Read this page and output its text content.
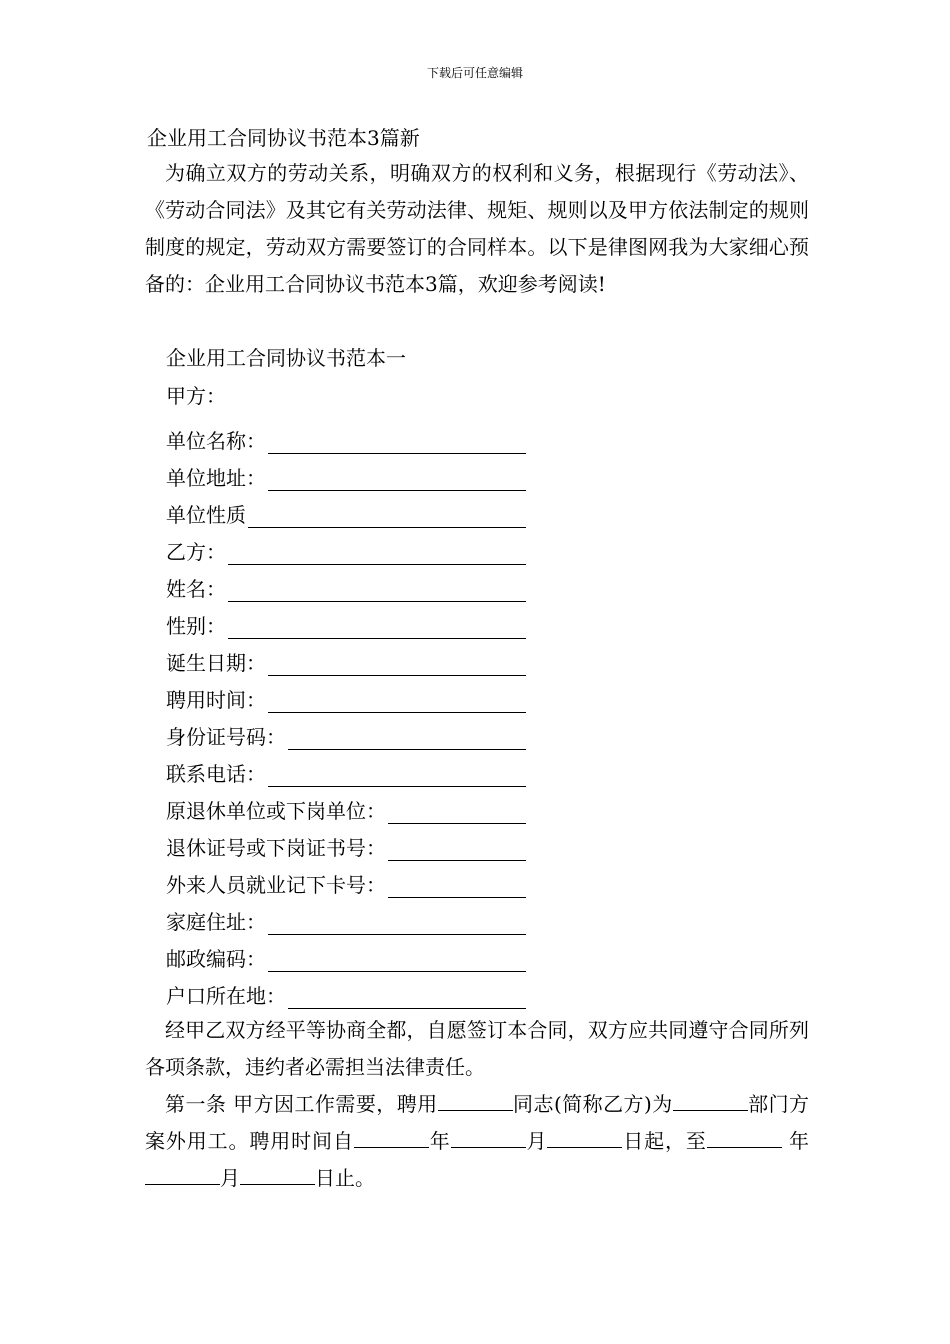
下载后可任意编辑
企业用工合同协议书范本3篇新

为确立双方的劳动关系，明确双方的权利和义务，根据现行《劳动法》、《劳动合同法》及其它有关劳动法律、规矩、规则以及甲方依法制定的规则制度的规定，劳动双方需要签订的合同样本。以下是律图网我为大家细心预备的：企业用工合同协议书范本3篇，欢迎参考阅读!

企业用工合同协议书范本一
甲方：
单位名称：
单位地址：
单位性质
乙方：
姓名：
性别：
诞生日期：
聘用时间：
身份证号码：
联系电话：
原退休单位或下岗单位：
退休证号或下岗证书号：
外来人员就业记下卡号：
家庭住址：
邮政编码：
户口所在地：

经甲乙双方经平等协商全都，自愿签订本合同，双方应共同遵守合同所列各项条款，违约者必需担当法律责任。

第一条 甲方因工作需要，聘用	同志(简称乙方)为	部门方案外用工。聘用时间自	年	月	日起，至	年月	日止。
